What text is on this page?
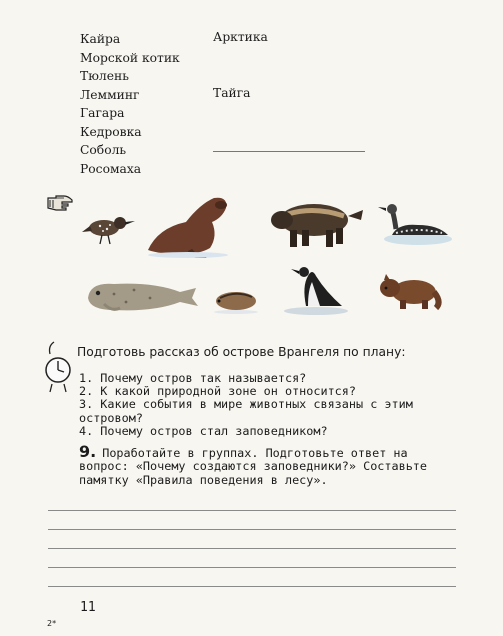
Кайра
Морской котик
Тюлень
Лемминг
Гагара
Кедровка
Соболь
Росомаха
Арктика
Тайга
Подготовь рассказ об острове Врангеля по плану:
1. Почему остров так называется?
2. К какой природной зоне он относится?
3. Какие события в мире животных связаны с этим островом?
4. Почему остров стал заповедником?
9. Поработайте в группах. Подготовьте ответ на вопрос: «Почему создаются заповедники?» Составьте памятку «Правила поведения в лесу».
11
2*
